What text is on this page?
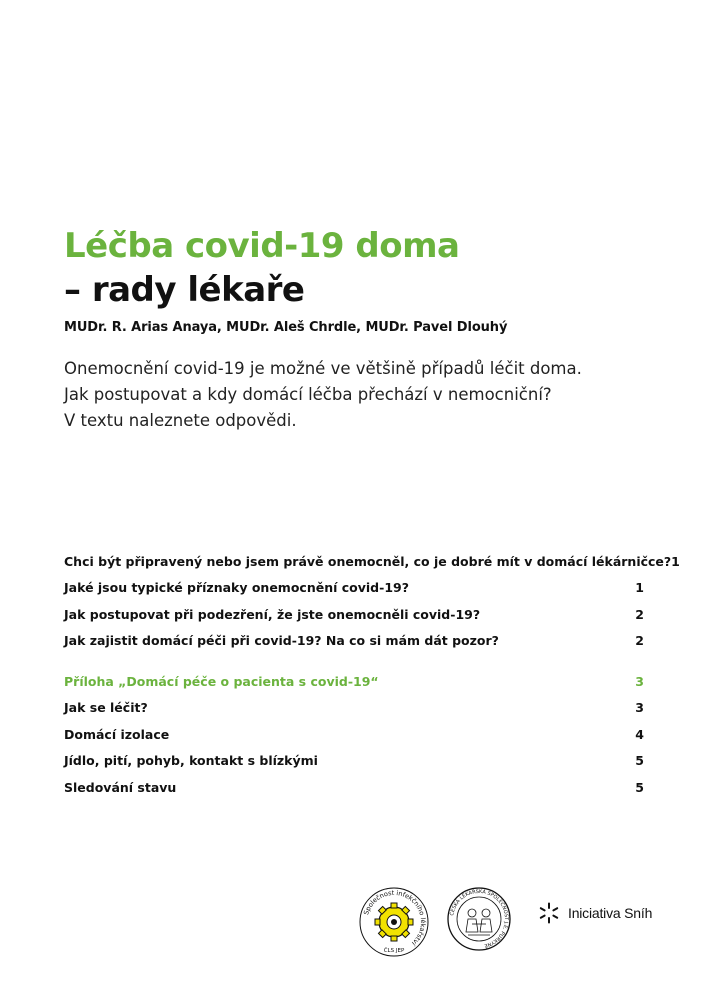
Léčba covid-19 doma
– rady lékaře
MUDr. R. Arias Anaya, MUDr. Aleš Chrdle, MUDr. Pavel Dlouhý
Onemocnění covid-19 je možné ve většině případů léčit doma.
Jak postupovat a kdy domácí léčba přechází v nemocniční?
V textu naleznete odpovědi.
Chci být připravený nebo jsem právě onemocněl, co je dobré mít v domácí lékárničce? 1
Jaké jsou typické příznaky onemocnění covid-19?	1
Jak postupovat při podezření, že jste onemocněli covid-19?	2
Jak zajistit domácí péči při covid-19? Na co si mám dát pozor?	2
Příloha „Domácí péče o pacienta s covid-19“	3
Jak se léčit?	3
Domácí izolace	4
Jídlo, pití, pohyb, kontakt s blízkými	5
Sledování stavu	5
Společnost infekčního lékařství
ČLS JEP
ČESKÁ LÉKAŘSKÁ SPOLEČNOST J.E. PURKYNĚ
Iniciativa Sníh
